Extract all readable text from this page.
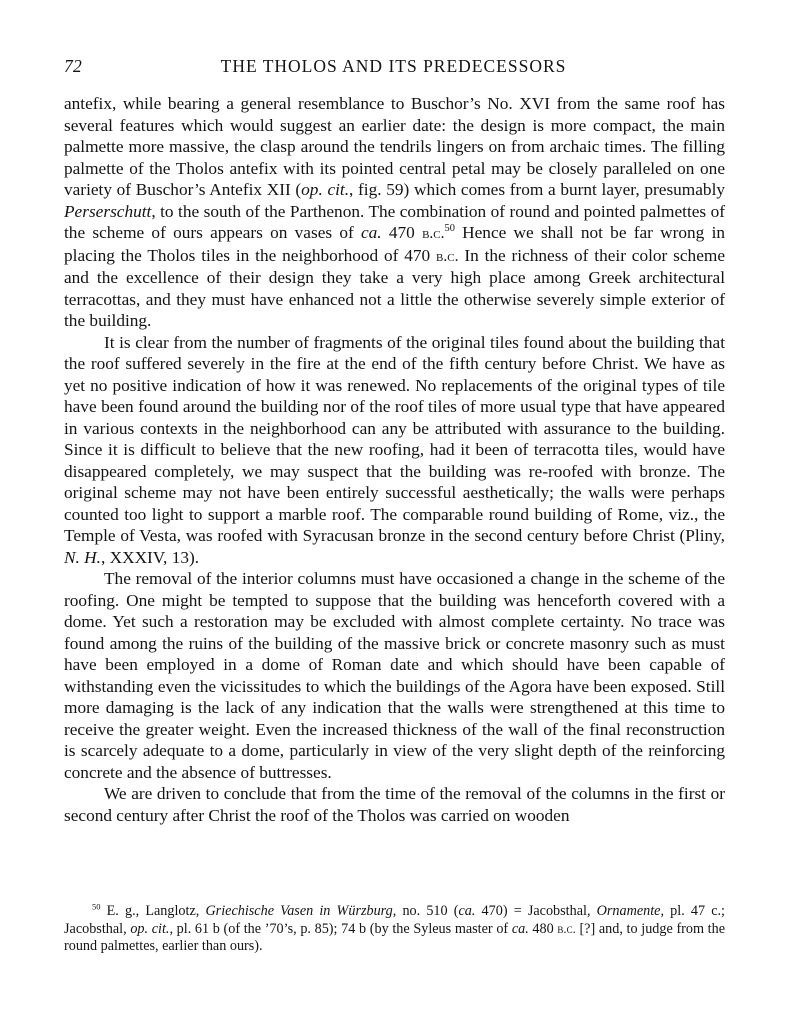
72	THE THOLOS AND ITS PREDECESSORS

antefix, while bearing a general resemblance to Buschor’s No. XVI from the same roof has several features which would suggest an earlier date: the design is more compact, the main palmette more massive, the clasp around the tendrils lingers on from archaic times. The filling palmette of the Tholos antefix with its pointed central petal may be closely paralleled on one variety of Buschor’s Antefix XII (op. cit., fig. 59) which comes from a burnt layer, presumably Perserschutt, to the south of the Parthenon. The combination of round and pointed palmettes of the scheme of ours appears on vases of ca. 470 b.c.$^{50}$ Hence we shall not be far wrong in placing the Tholos tiles in the neighborhood of 470 b.c. In the richness of their color scheme and the excellence of their design they take a very high place among Greek architectural terracottas, and they must have enhanced not a little the otherwise severely simple exterior of the building.

It is clear from the number of fragments of the original tiles found about the building that the roof suffered severely in the fire at the end of the fifth century before Christ. We have as yet no positive indication of how it was renewed. No replacements of the original types of tile have been found around the building nor of the roof tiles of more usual type that have appeared in various contexts in the neighborhood can any be attributed with assurance to the building. Since it is difficult to believe that the new roofing, had it been of terracotta tiles, would have disappeared completely, we may suspect that the building was re-roofed with bronze. The original scheme may not have been entirely successful aesthetically; the walls were perhaps counted too light to support a marble roof. The comparable round building of Rome, viz., the Temple of Vesta, was roofed with Syracusan bronze in the second century before Christ (Pliny, N. H., XXXIV, 13).

The removal of the interior columns must have occasioned a change in the scheme of the roofing. One might be tempted to suppose that the building was henceforth covered with a dome. Yet such a restoration may be excluded with almost complete certainty. No trace was found among the ruins of the building of the massive brick or concrete masonry such as must have been employed in a dome of Roman date and which should have been capable of withstanding even the vicissitudes to which the buildings of the Agora have been exposed. Still more damaging is the lack of any indication that the walls were strengthened at this time to receive the greater weight. Even the increased thickness of the wall of the final reconstruction is scarcely adequate to a dome, particularly in view of the very slight depth of the reinforcing concrete and the absence of buttresses.

We are driven to conclude that from the time of the removal of the columns in the first or second century after Christ the roof of the Tholos was carried on wooden

$^{50}$ E. g., Langlotz, Griechische Vasen in Würzburg, no. 510 (ca. 470) = Jacobsthal, Ornamente, pl. 47 c.; Jacobsthal, op. cit., pl. 61 b (of the ’70’s, p. 85); 74 b (by the Syleus master of ca. 480 b.c. [?] and, to judge from the round palmettes, earlier than ours).
